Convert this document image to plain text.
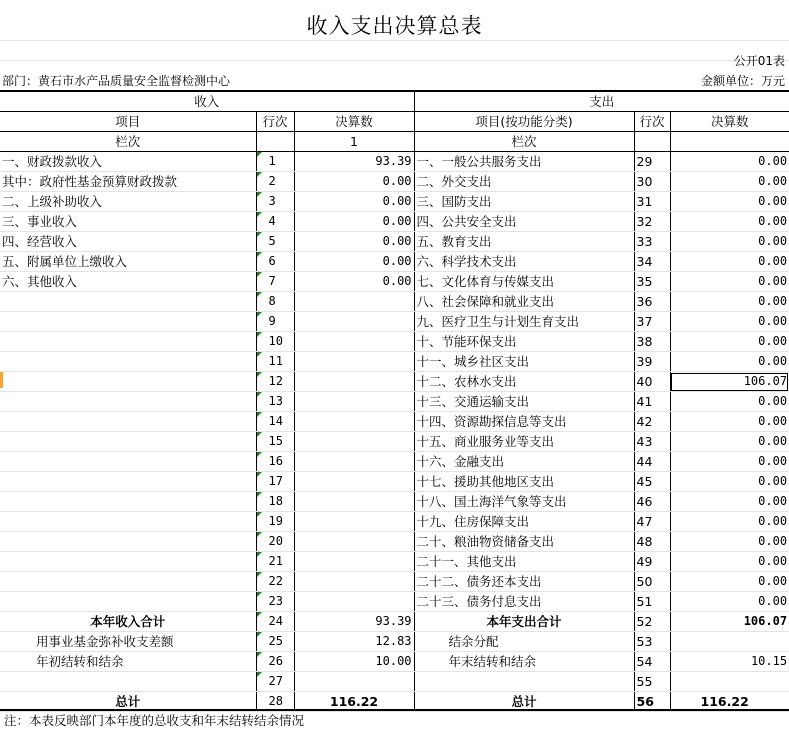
收入支出决算总表
公开01表
部门：黄石市水产品质量安全监督检测中心	金额单位：万元
收入			支出		
项目	行次	决算数	项目(按功能分类)	行次	决算数
栏次		1	栏次		
一、财政拨款收入	1	93.39	一、一般公共服务支出	29	0.00
其中：政府性基金预算财政拨款	2	0.00	二、外交支出	30	0.00
二、上级补助收入	3	0.00	三、国防支出	31	0.00
三、事业收入	4	0.00	四、公共安全支出	32	0.00
四、经营收入	5	0.00	五、教育支出	33	0.00
五、附属单位上缴收入	6	0.00	六、科学技术支出	34	0.00
六、其他收入	7	0.00	七、文化体育与传媒支出	35	0.00
	8		八、社会保障和就业支出	36	0.00
	9		九、医疗卫生与计划生育支出	37	0.00
	10		十、节能环保支出	38	0.00
	11		十一、城乡社区支出	39	0.00
	12		十二、农林水支出	40	106.07
	13		十三、交通运输支出	41	0.00
	14		十四、资源勘探信息等支出	42	0.00
	15		十五、商业服务业等支出	43	0.00
	16		十六、金融支出	44	0.00
	17		十七、援助其他地区支出	45	0.00
	18		十八、国土海洋气象等支出	46	0.00
	19		十九、住房保障支出	47	0.00
	20		二十、粮油物资储备支出	48	0.00
	21		二十一、其他支出	49	0.00
	22		二十二、债务还本支出	50	0.00
	23		二十三、债务付息支出	51	0.00
本年收入合计	24	93.39	本年支出合计	52	106.07
用事业基金弥补收支差额	25	12.83	结余分配	53	
年初结转和结余	26	10.00	年末结转和结余	54	10.15
	27			55	
总计	28	116.22	总计	56	116.22
注：本表反映部门本年度的总收支和年末结转结余情况
